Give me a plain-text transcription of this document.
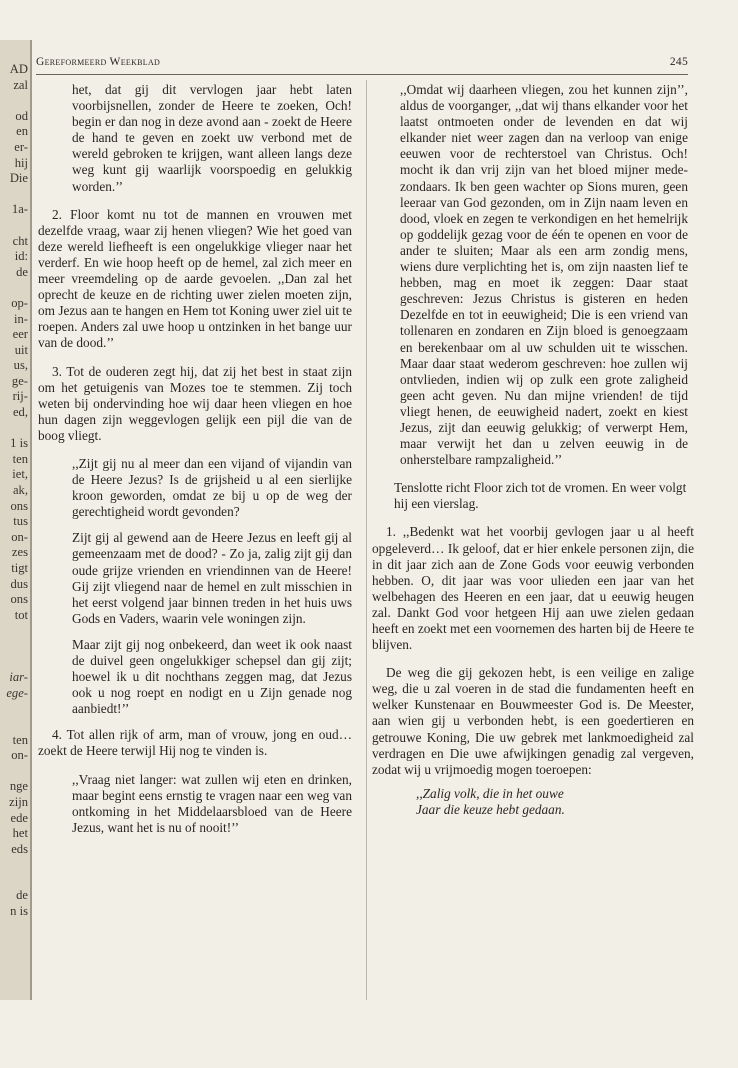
AD
zal
od
en
er-
hij
Die
1a-
cht
id:
de
op-
in-
eer
uit
us,
ge-
rij-
ed,
1 is
ten
iet,
ak,
ons
tus
on-
zes
tigt
dus
ons
tot
iar-
ege-
ten
on-
nge
zijn
ede
het
eds
de
n is
Gereformeerd Weekblad	245

het, dat gij dit vervlogen jaar hebt laten voorbijsnellen, zonder de Heere te zoeken, Och! begin er dan nog in deze avond aan - zoekt de Heere de hand te geven en zoekt uw verbond met de wereld gebroken te krijgen, want alleen langs deze weg kunt gij waarlijk voorspoedig en gelukkig worden.’’

2. Floor komt nu tot de mannen en vrouwen met dezelfde vraag, waar zij henen vliegen? Wie het goed van deze wereld liefheeft is een ongelukkige vlieger naar het verderf. En wie hoop heeft op de hemel, zal zich meer en meer vreemdeling op de aarde gevoelen. ,,Dan zal het oprecht de keuze en de richting uwer zielen moeten zijn, om Jezus aan te hangen en Hem tot Koning uwer ziel uit te roepen. Anders zal uwe hoop u ontzinken in het bange uur van de dood.’’

3. Tot de ouderen zegt hij, dat zij het best in staat zijn om het getuigenis van Mozes toe te stemmen. Zij toch weten bij ondervinding hoe wij daar heen vliegen en hoe hun dagen zijn weggevlogen gelijk een pijl die van de boog vliegt.

,,Zijt gij nu al meer dan een vijand of vijandin van de Heere Jezus? Is de grijsheid u al een sierlijke kroon geworden, omdat ze bij u op de weg der gerechtigheid wordt gevonden?

Zijt gij al gewend aan de Heere Jezus en leeft gij al gemeenzaam met de dood? - Zo ja, zalig zijt gij dan oude grijze vrienden en vriendinnen van de Heere! Gij zijt vliegend naar de hemel en zult misschien in het eerst volgend jaar binnen treden in het huis uws Gods en Vaders, waarin vele woningen zijn.

Maar zijt gij nog onbekeerd, dan weet ik ook naast de duivel geen ongelukkiger schepsel dan gij zijt; hoewel ik u dit nochthans zeggen mag, dat Jezus ook u nog roept en nodigt en u Zijn genade nog aanbiedt!’’

4. Tot allen rijk of arm, man of vrouw, jong en oud… zoekt de Heere terwijl Hij nog te vinden is.

,,Vraag niet langer: wat zullen wij eten en drinken, maar begint eens ernstig te vragen naar een weg van ontkoming in het Middelaarsbloed van de Heere Jezus, want het is nu of nooit!’’

,,Omdat wij daarheen vliegen, zou het kunnen zijn’’, aldus de voorganger, ,,dat wij thans elkander voor het laatst ontmoeten onder de levenden en dat wij elkander niet weer zagen dan na verloop van enige eeuwen voor de rechterstoel van Christus. Och! mocht ik dan vrij zijn van het bloed mijner mede-zondaars. Ik ben geen wachter op Sions muren, geen leeraar van God gezonden, om in Zijn naam leven en dood, vloek en zegen te verkondigen en het hemelrijk op goddelijk gezag voor de één te openen en voor de ander te sluiten; Maar als een arm zondig mens, wiens dure verplichting het is, om zijn naasten lief te hebben, mag en moet ik zeggen: Daar staat geschreven: Jezus Christus is gisteren en heden Dezelfde en tot in eeuwigheid; Die is een vriend van tollenaren en zondaren en Zijn bloed is genoegzaam en berekenbaar om al uw schulden uit te wisschen. Maar daar staat wederom geschreven: hoe zullen wij ontvlieden, indien wij op zulk een grote zaligheid geen acht geven. Nu dan mijne vrienden! de tijd vliegt henen, de eeuwigheid nadert, zoekt en kiest Jezus, zijt dan eeuwig gelukkig; of verwerpt Hem, maar verwijt het dan u zelven eeuwig in de onherstelbare rampzaligheid.’’

Tenslotte richt Floor zich tot de vromen. En weer volgt hij een vierslag.

1. ,,Bedenkt wat het voorbij gevlogen jaar u al heeft opgeleverd… Ik geloof, dat er hier enkele personen zijn, die in dit jaar zich aan de Zone Gods voor eeuwig verbonden hebben. O, dit jaar was voor ulieden een jaar van het welbehagen des Heeren en een jaar, dat u eeuwig heugen zal. Dankt God voor hetgeen Hij aan uwe zielen gedaan heeft en zoekt met een voornemen des harten bij de Heere te blijven.

De weg die gij gekozen hebt, is een veilige en zalige weg, die u zal voeren in de stad die fundamenten heeft en welker Kunstenaar en Bouwmeester God is. De Meester, aan wien gij u verbonden hebt, is een goedertieren en getrouwe Koning, Die uw gebrek met lankmoedigheid zal verdragen en Die uwe afwijkingen genadig zal vergeven, zodat wij u vrijmoedig mogen toeroepen:

,,Zalig volk, die in het ouwe

Jaar die keuze hebt gedaan.
